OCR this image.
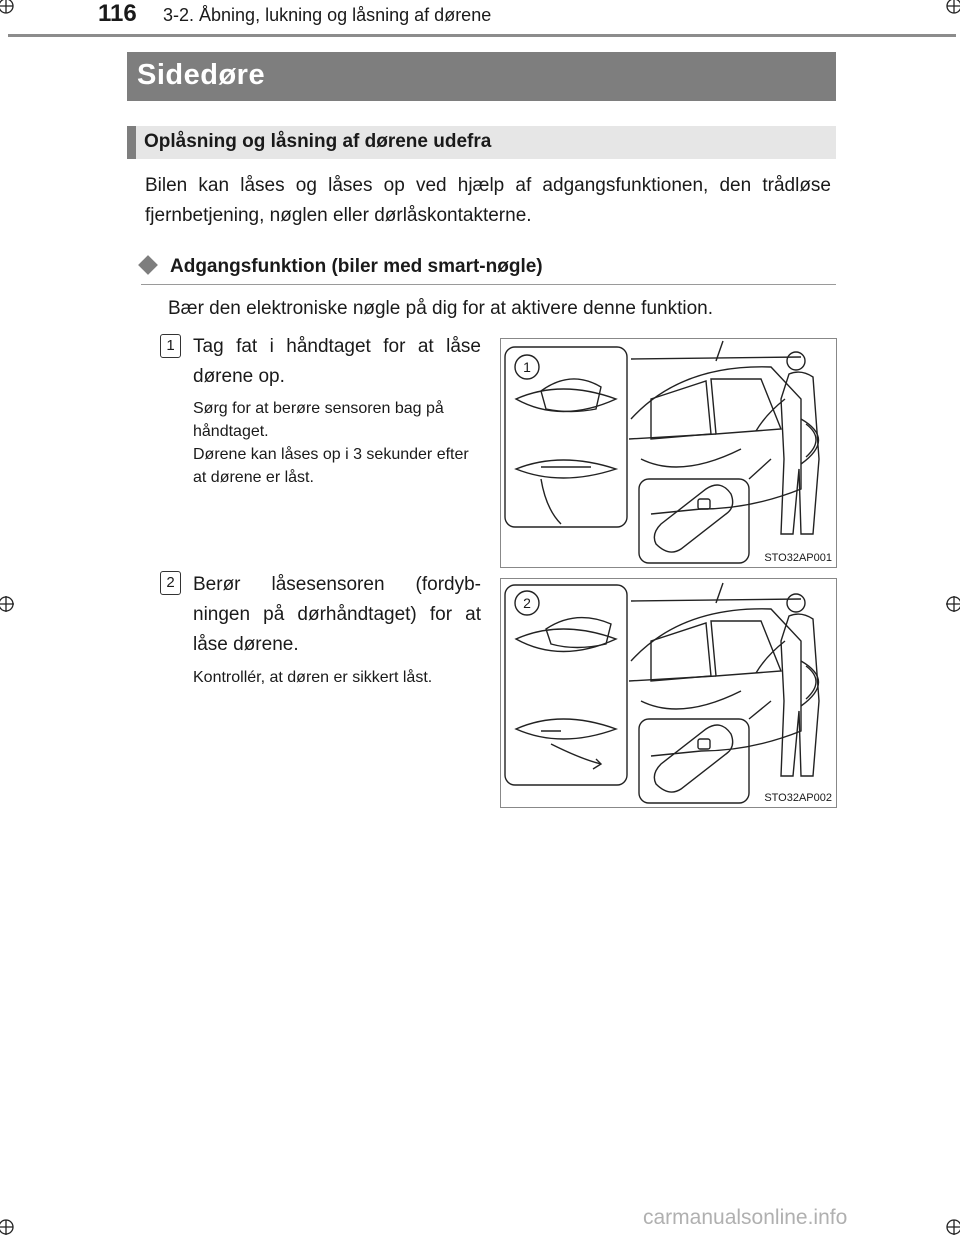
116 3-2. Åbning, lukning og låsning af dørene
Sidedøre
Oplåsning og låsning af dørene udefra
Bilen kan låses og låses op ved hjælp af adgangsfunktionen, den trådløse fjernbetjening, nøglen eller dørlåskontakterne.
Adgangsfunktion (biler med smart-nøgle)
Bær den elektroniske nøgle på dig for at aktivere denne funktion.
1 Tag fat i håndtaget for at låse dørene op.
Sørg for at berøre sensoren bag på håndtaget.
Dørene kan låses op i 3 sekunder efter at dørene er låst.
1
STO32AP001
2 Berør låsesensoren (fordyb-ningen på dørhåndtaget) for at låse dørene.
Kontrollér, at døren er sikkert låst.
2
STO32AP002
carmanualsonline.info
